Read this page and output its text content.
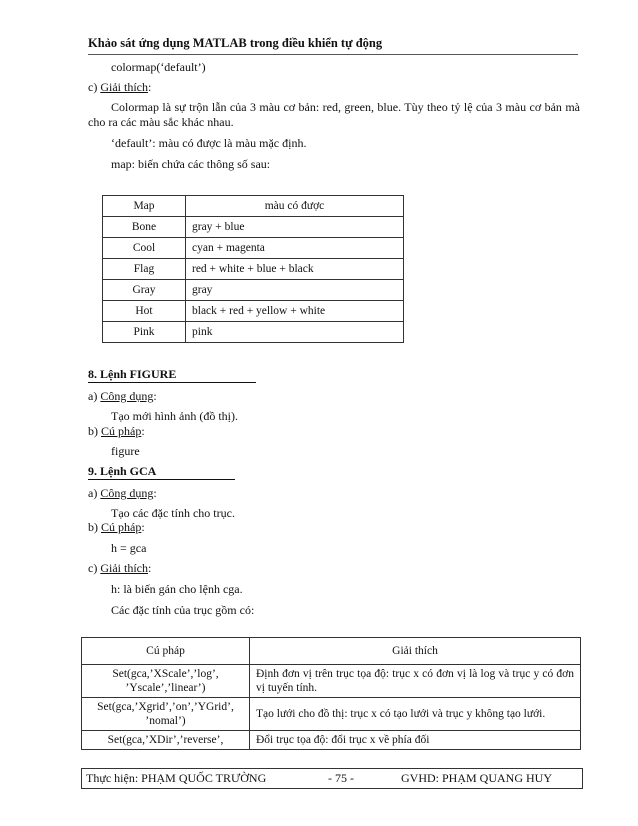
Khảo sát ứng dụng MATLAB trong điều khiển tự động
colormap(‘default’)
c) Giải thích:
Colormap là sự trộn lẫn của 3 màu cơ bản: red, green, blue. Tùy theo tỷ lệ của 3 màu cơ bản mà cho ra các màu sắc khác nhau.
‘default’: màu có được là màu mặc định.
map: biến chứa các thông số sau:
Map	màu có được
Bone	gray + blue
Cool	cyan + magenta
Flag	red + white + blue + black
Gray	gray
Hot	black + red + yellow + white
Pink	pink
8. Lệnh FIGURE
a) Công dụng:
Tạo mới hình ảnh (đồ thị).
b) Cú pháp:
figure
9. Lệnh GCA
a) Công dụng:
Tạo các đặc tính cho trục.
b) Cú pháp:
h = gca
c) Giải thích:
h: là biến gán cho lệnh cga.
Các đặc tính của trục gồm có:
Cú pháp	Giải thích
Set(gca,’XScale’,’log’, ’Yscale’,’linear’)	Định đơn vị trên trục tọa độ: trục x có đơn vị là log và trục y có đơn vị tuyến tính.
Set(gca,’Xgrid’,’on’,’YGrid’, ’nomal’)	Tạo lưới cho đồ thị: trục x có tạo lưới và trục y không tạo lưới.
Set(gca,’XDir’,’reverse’,	Đổi trục tọa độ: đổi trục x về phía đối
Thực hiện: PHẠM QUỐC TRƯỜNG	- 75 -	GVHD: PHẠM QUANG HUY
